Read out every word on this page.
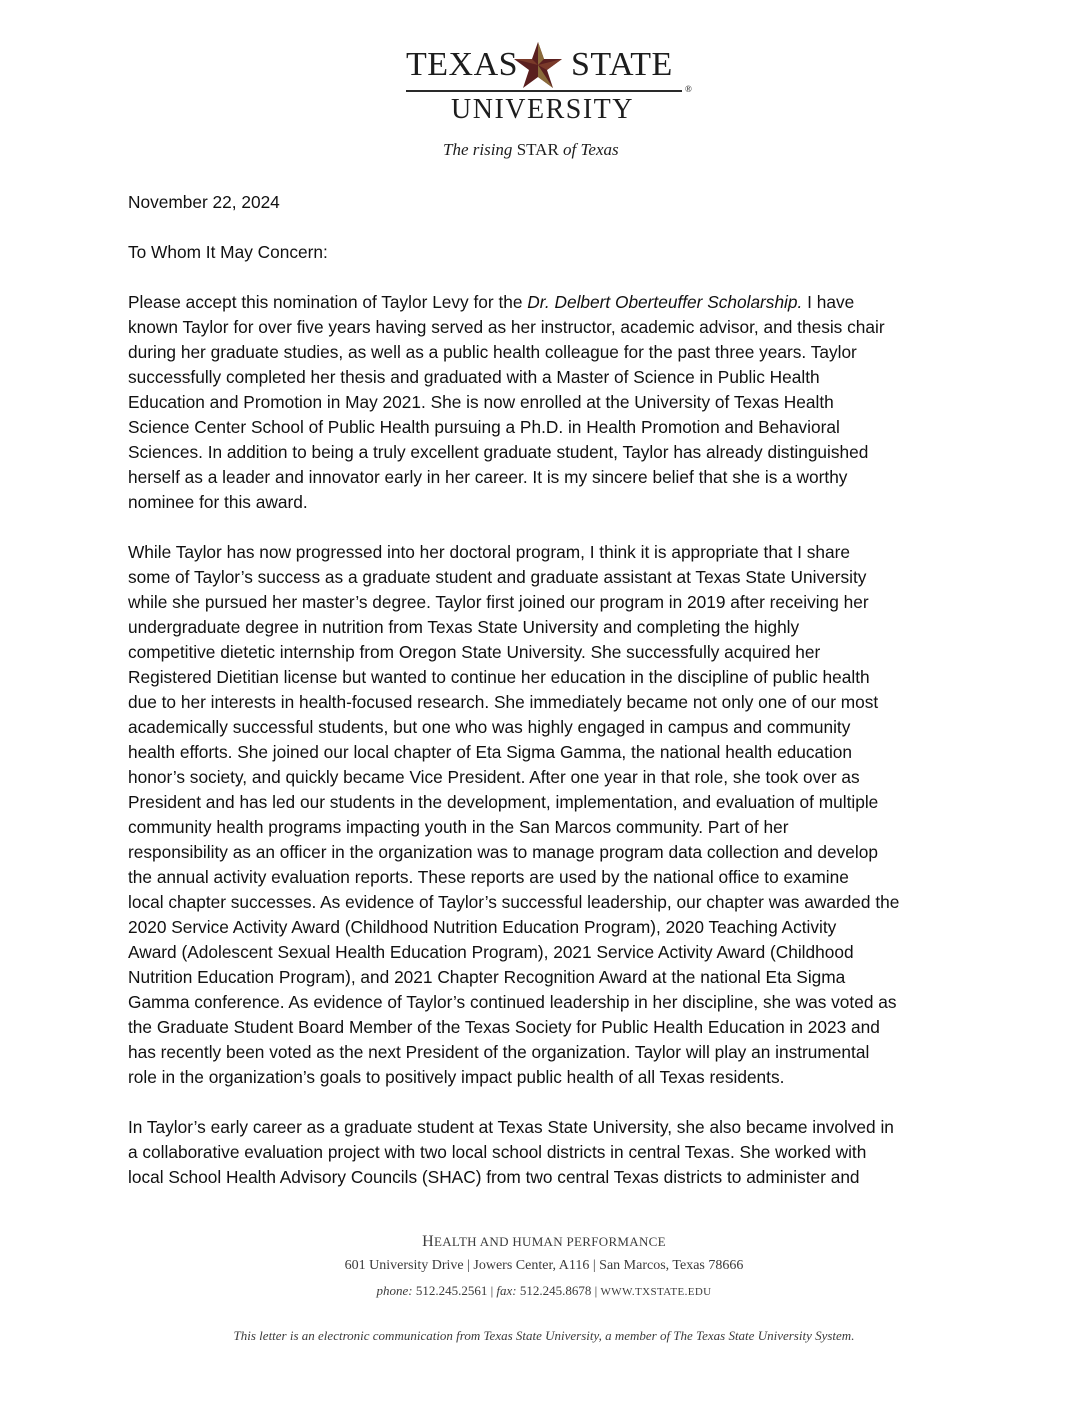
TEXAS STATE
®
UNIVERSITY
The rising STAR of Texas

November 22, 2024

To Whom It May Concern:

Please accept this nomination of Taylor Levy for the Dr. Delbert Oberteuffer Scholarship. I have
known Taylor for over five years having served as her instructor, academic advisor, and thesis chair
during her graduate studies, as well as a public health colleague for the past three years. Taylor
successfully completed her thesis and graduated with a Master of Science in Public Health
Education and Promotion in May 2021. She is now enrolled at the University of Texas Health
Science Center School of Public Health pursuing a Ph.D. in Health Promotion and Behavioral
Sciences. In addition to being a truly excellent graduate student, Taylor has already distinguished
herself as a leader and innovator early in her career. It is my sincere belief that she is a worthy
nominee for this award.

While Taylor has now progressed into her doctoral program, I think it is appropriate that I share
some of Taylor’s success as a graduate student and graduate assistant at Texas State University
while she pursued her master’s degree. Taylor first joined our program in 2019 after receiving her
undergraduate degree in nutrition from Texas State University and completing the highly
competitive dietetic internship from Oregon State University. She successfully acquired her
Registered Dietitian license but wanted to continue her education in the discipline of public health
due to her interests in health-focused research. She immediately became not only one of our most
academically successful students, but one who was highly engaged in campus and community
health efforts. She joined our local chapter of Eta Sigma Gamma, the national health education
honor’s society, and quickly became Vice President. After one year in that role, she took over as
President and has led our students in the development, implementation, and evaluation of multiple
community health programs impacting youth in the San Marcos community. Part of her
responsibility as an officer in the organization was to manage program data collection and develop
the annual activity evaluation reports. These reports are used by the national office to examine
local chapter successes. As evidence of Taylor’s successful leadership, our chapter was awarded the
2020 Service Activity Award (Childhood Nutrition Education Program), 2020 Teaching Activity
Award (Adolescent Sexual Health Education Program), 2021 Service Activity Award (Childhood
Nutrition Education Program), and 2021 Chapter Recognition Award at the national Eta Sigma
Gamma conference. As evidence of Taylor’s continued leadership in her discipline, she was voted as
the Graduate Student Board Member of the Texas Society for Public Health Education in 2023 and
has recently been voted as the next President of the organization. Taylor will play an instrumental
role in the organization’s goals to positively impact public health of all Texas residents.

In Taylor’s early career as a graduate student at Texas State University, she also became involved in
a collaborative evaluation project with two local school districts in central Texas. She worked with
local School Health Advisory Councils (SHAC) from two central Texas districts to administer and

HEALTH AND HUMAN PERFORMANCE
601 University Drive | Jowers Center, A116 | San Marcos, Texas 78666
phone: 512.245.2561 | fax: 512.245.8678 | WWW.TXSTATE.EDU
This letter is an electronic communication from Texas State University, a member of The Texas State University System.
